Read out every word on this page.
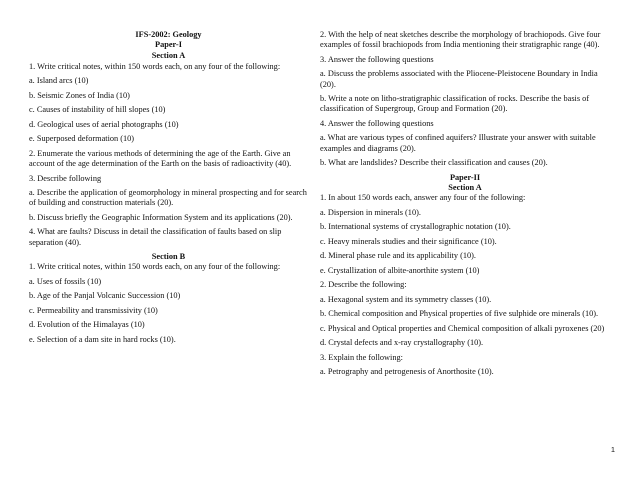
IFS-2002: Geology
Paper-I
Section A
1. Write critical notes, within 150 words each, on any four of the following:
a. Island arcs (10)
b. Seismic Zones of India (10)
c. Causes of instability of hill slopes (10)
d. Geological uses of aerial photographs (10)
e. Superposed deformation (10)
2. Enumerate the various methods of determining the age of the Earth. Give an account of the age determination of the Earth on the basis of radioactivity (40).
3. Describe following
a. Describe the application of geomorphology in mineral prospecting and for search of building and construction materials (20).
b. Discuss briefly the Geographic Information System and its applications (20).
4. What are faults? Discuss in detail the classification of faults based on slip separation (40).
Section B
1. Write critical notes, within 150 words each, on any four of the following:
a. Uses of fossils (10)
b. Age of the Panjal Volcanic Succession (10)
c. Permeability and transmissivity (10)
d. Evolution of the Himalayas (10)
e. Selection of a dam site in hard rocks (10).
2. With the help of neat sketches describe the morphology of brachiopods. Give four examples of fossil brachiopods from India mentioning their stratigraphic range (40).
3. Answer the following questions
a. Discuss the problems associated with the Pliocene-Pleistocene Boundary in India (20).
b. Write a note on litho-stratigraphic classification of rocks. Describe the basis of classification of Supergroup, Group and Formation (20).
4. Answer the following questions
a. What are various types of confined aquifers? Illustrate your answer with suitable examples and diagrams (20).
b. What are landslides? Describe their classification and causes (20).
Paper-II
Section A
1. In about 150 words each, answer any four of the following:
a. Dispersion in minerals (10).
b. International systems of crystallographic notation (10).
c. Heavy minerals studies and their significance (10).
d. Mineral phase rule and its applicability (10).
e. Crystallization of albite-anorthite system (10)
2. Describe the following:
a. Hexagonal system and its symmetry classes (10).
b. Chemical composition and Physical properties of five sulphide ore minerals (10).
c. Physical and Optical properties and Chemical composition of alkali pyroxenes (20)
d. Crystal defects and x-ray crystallography (10).
3. Explain the following:
a. Petrography and petrogenesis of Anorthosite (10).
1
